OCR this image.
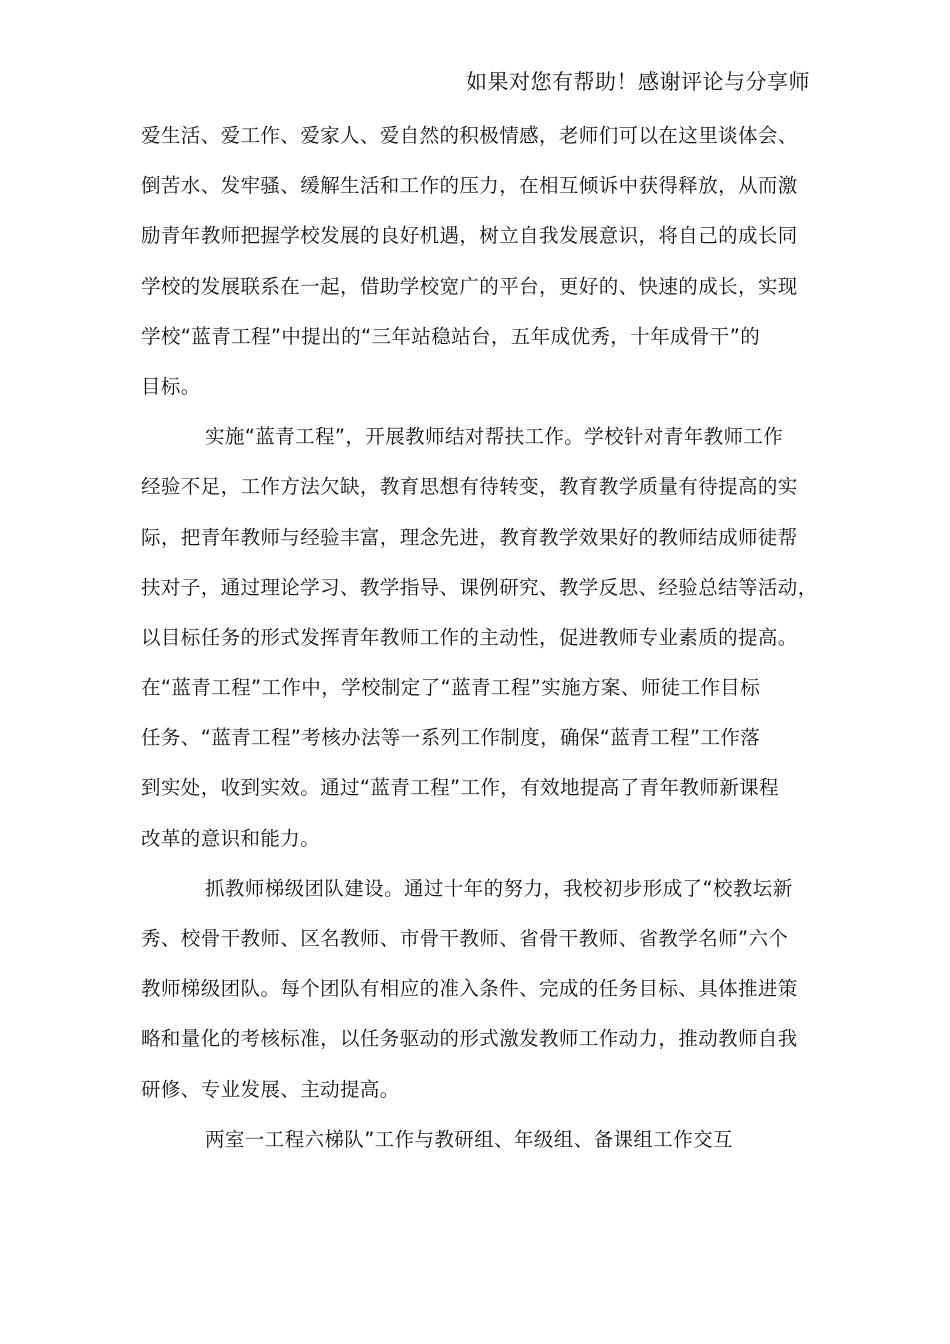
如果对您有帮助！感谢评论与分享师
爱生活、爱工作、爱家人、爱自然的积极情感，老师们可以在这里谈体会、
倒苦水、发牢骚、缓解生活和工作的压力，在相互倾诉中获得释放，从而激
励青年教师把握学校发展的良好机遇，树立自我发展意识，将自己的成长同
学校的发展联系在一起，借助学校宽广的平台，更好的、快速的成长，实现
学校“蓝青工程”中提出的“三年站稳站台，五年成优秀，十年成骨干”的
目标。
实施“蓝青工程”，开展教师结对帮扶工作。学校针对青年教师工作
经验不足，工作方法欠缺，教育思想有待转变，教育教学质量有待提高的实
际，把青年教师与经验丰富，理念先进，教育教学效果好的教师结成师徒帮
扶对子，通过理论学习、教学指导、课例研究、教学反思、经验总结等活动，
以目标任务的形式发挥青年教师工作的主动性，促进教师专业素质的提高。
在“蓝青工程”工作中，学校制定了“蓝青工程”实施方案、师徒工作目标
任务、“蓝青工程”考核办法等一系列工作制度，确保“蓝青工程”工作落
到实处，收到实效。通过“蓝青工程”工作，有效地提高了青年教师新课程
改革的意识和能力。
抓教师梯级团队建设。通过十年的努力，我校初步形成了“校教坛新
秀、校骨干教师、区名教师、市骨干教师、省骨干教师、省教学名师”六个
教师梯级团队。每个团队有相应的准入条件、完成的任务目标、具体推进策
略和量化的考核标准，以任务驱动的形式激发教师工作动力，推动教师自我
研修、专业发展、主动提高。
两室一工程六梯队”工作与教研组、年级组、备课组工作交互
